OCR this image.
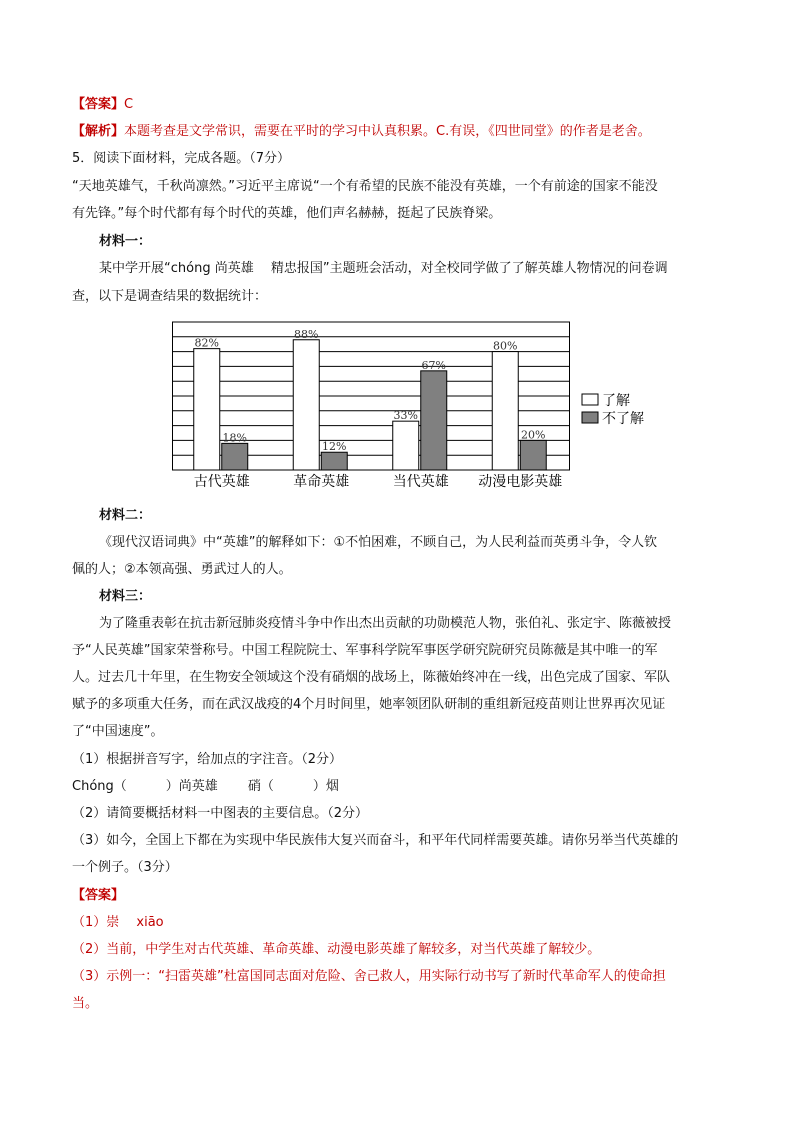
【答案】C
【解析】本题考查是文学常识，需要在平时的学习中认真积累。C.有误，《四世同堂》的作者是老舍。
5．阅读下面材料，完成各题。（7分）
“天地英雄气，千秋尚凛然。”习近平主席说“一个有希望的民族不能没有英雄，一个有前途的国家不能没
有先锋。”每个时代都有每个时代的英雄，他们声名赫赫，挺起了民族脊梁。
材料一：
某中学开展“chóng 尚英雄　 精忠报国”主题班会活动，对全校同学做了了解英雄人物情况的问卷调
查，以下是调查结果的数据统计：
82%
18%
古代英雄
88%
12%
革命英雄
33%
67%
当代英雄
80%
20%
动漫电影英雄
了解
不了解
材料二：
《现代汉语词典》中“英雄”的解释如下：①不怕困难，不顾自己，为人民利益而英勇斗争，令人钦
佩的人；②本领高强、勇武过人的人。
材料三：
为了隆重表彰在抗击新冠肺炎疫情斗争中作出杰出贡献的功勋模范人物，张伯礼、张定宇、陈薇被授
予“人民英雄”国家荣誉称号。中国工程院院士、军事科学院军事医学研究院研究员陈薇是其中唯一的军
人。过去几十年里，在生物安全领域这个没有硝烟的战场上，陈薇始终冲在一线，出色完成了国家、军队
赋予的多项重大任务，而在武汉战疫的4个月时间里，她率领团队研制的重组新冠疫苗则让世界再次见证
了“中国速度”。
（1）根据拼音写字，给加点的字注音。（2分）
Chóng（　　　）尚英雄　　 硝（　　　）烟
（2）请简要概括材料一中图表的主要信息。（2分）
（3）如今，全国上下都在为实现中华民族伟大复兴而奋斗，和平年代同样需要英雄。请你另举当代英雄的
一个例子。（3分）
【答案】
（1）崇　 xiāo
（2）当前，中学生对古代英雄、革命英雄、动漫电影英雄了解较多，对当代英雄了解较少。
（3）示例一：“扫雷英雄”杜富国同志面对危险、舍己救人，用实际行动书写了新时代革命军人的使命担
当。
